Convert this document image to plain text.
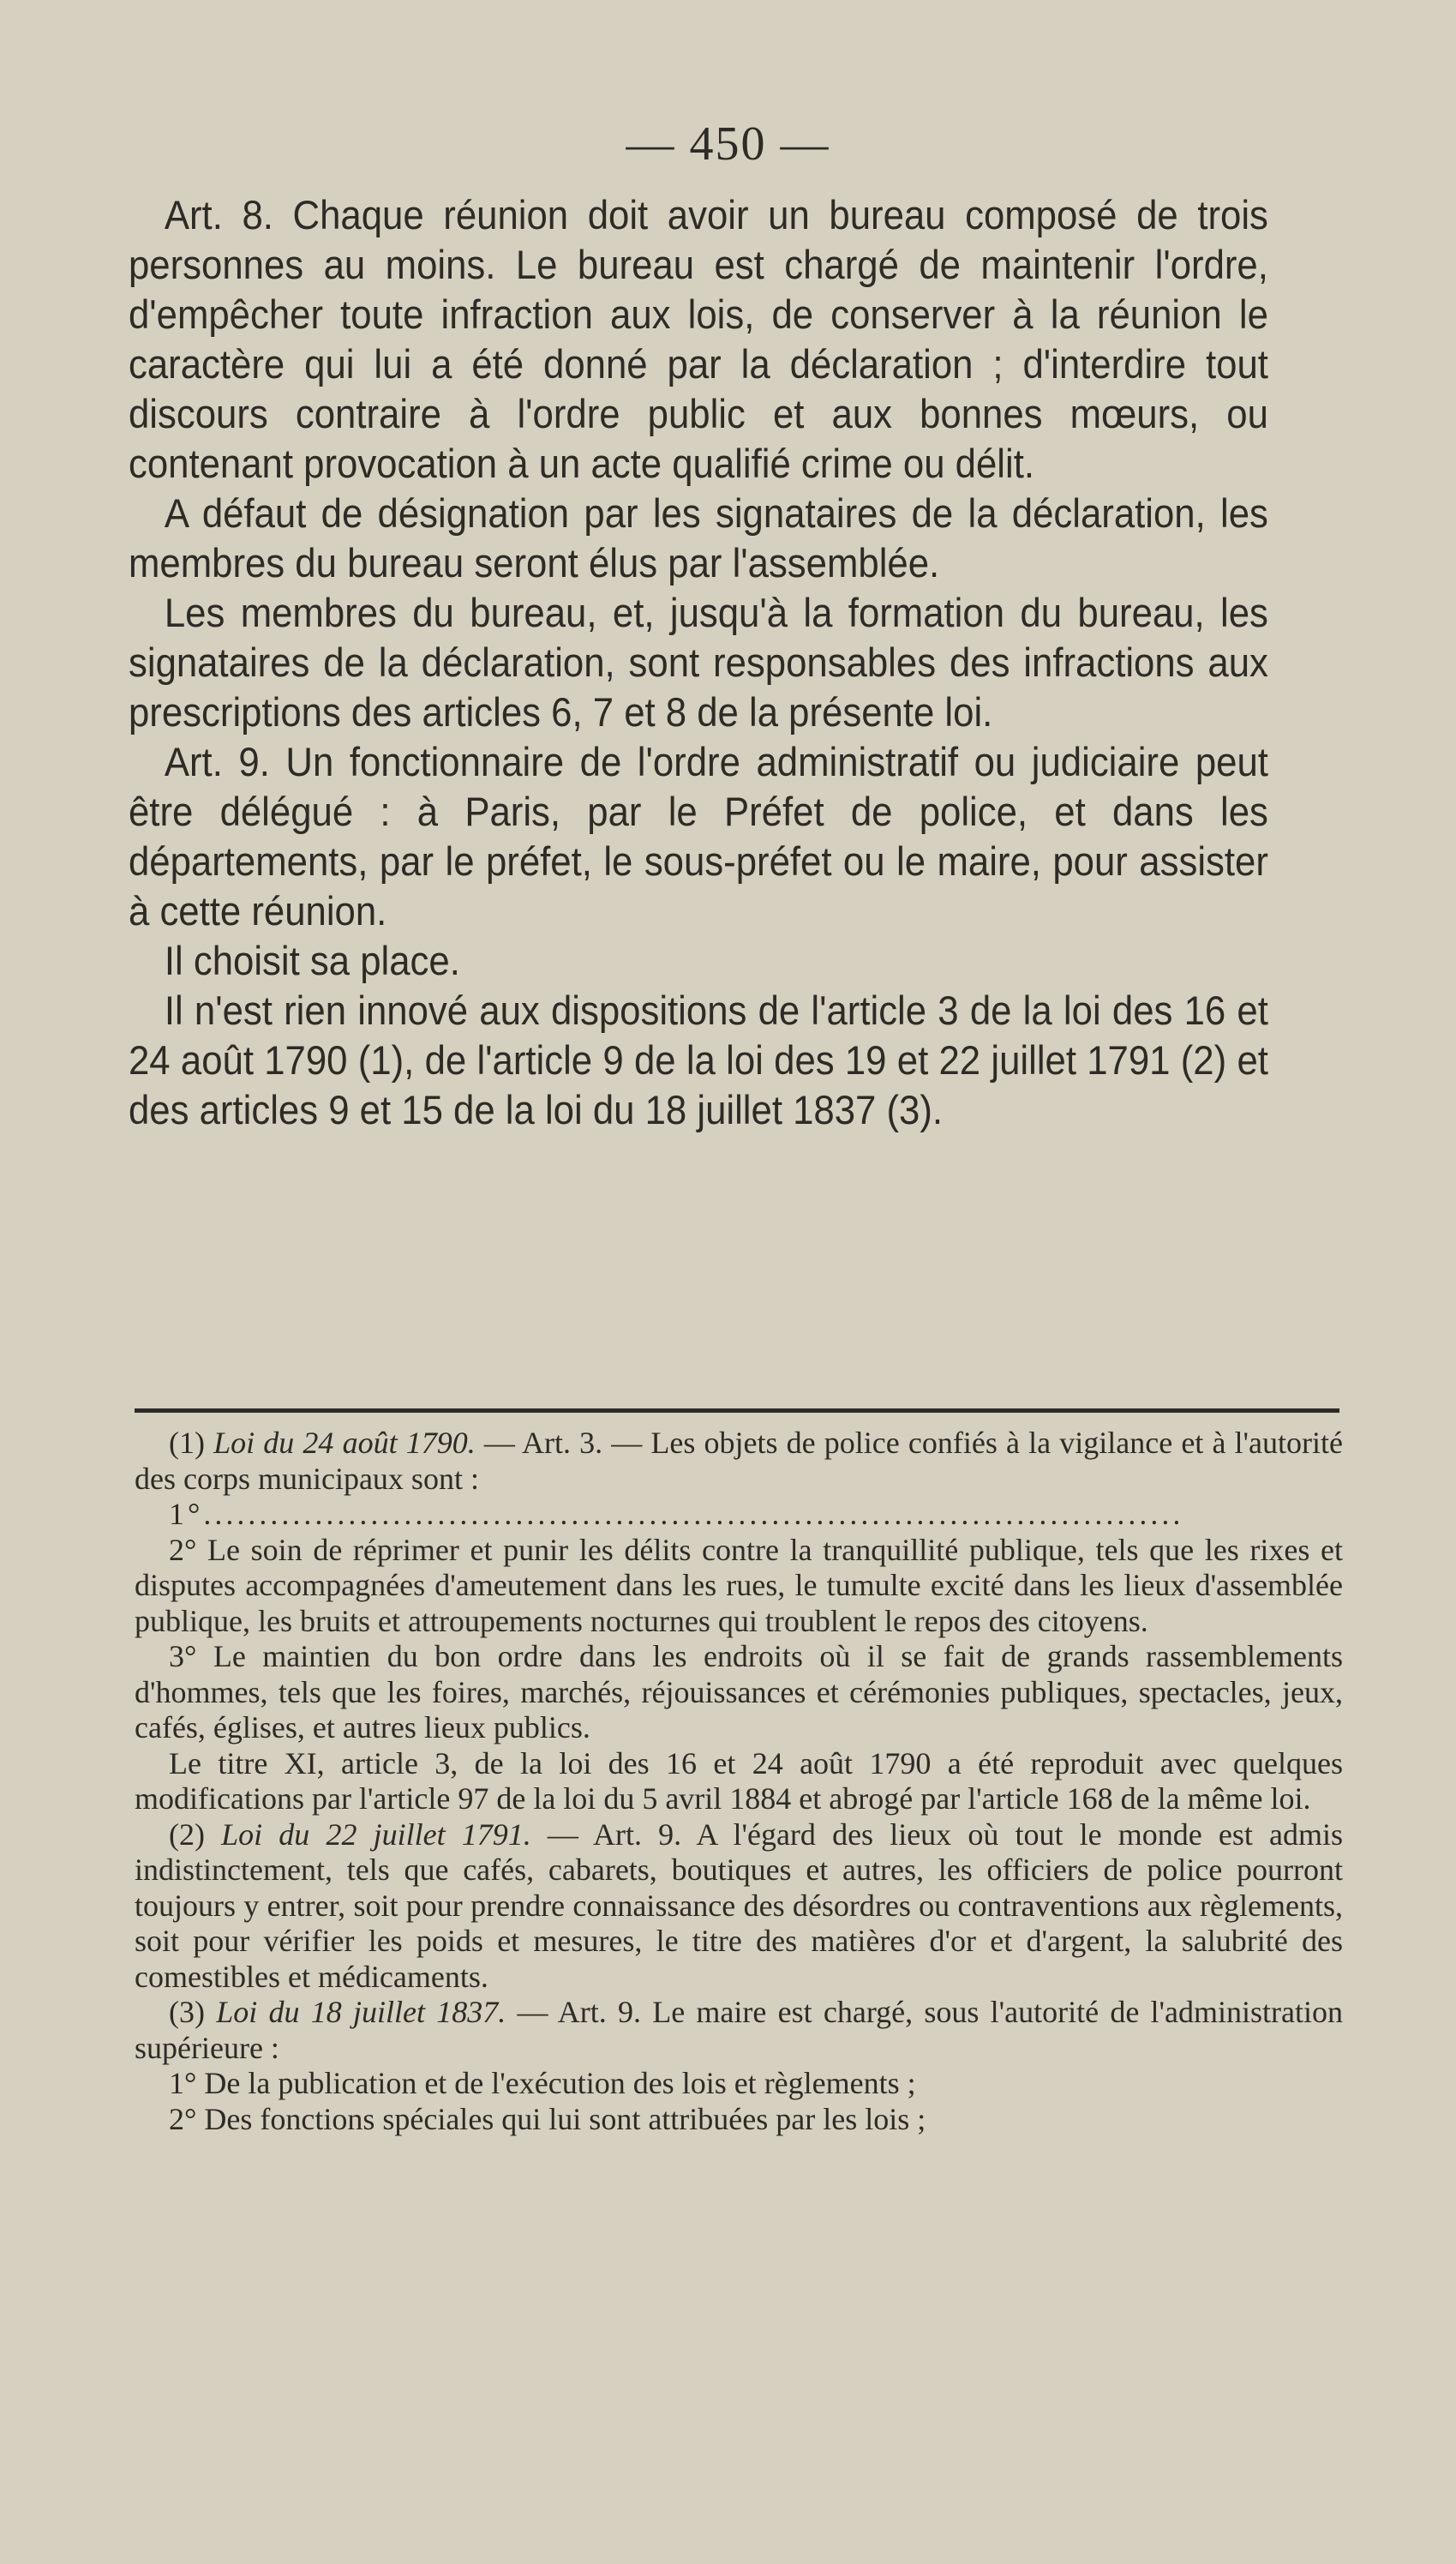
— 450 —

Art. 8. Chaque réunion doit avoir un bureau composé de trois personnes au moins. Le bureau est chargé de maintenir l'ordre, d'empêcher toute infraction aux lois, de conserver à la réunion le caractère qui lui a été donné par la déclaration ; d'interdire tout discours contraire à l'ordre public et aux bonnes mœurs, ou contenant provocation à un acte qualifié crime ou délit.

A défaut de désignation par les signataires de la déclaration, les membres du bureau seront élus par l'assemblée.

Les membres du bureau, et, jusqu'à la formation du bureau, les signataires de la déclaration, sont responsables des infractions aux prescriptions des articles 6, 7 et 8 de la présente loi.

Art. 9. Un fonctionnaire de l'ordre administratif ou judiciaire peut être délégué : à Paris, par le Préfet de police, et dans les départements, par le préfet, le sous-préfet ou le maire, pour assister à cette réunion.

Il choisit sa place.

Il n'est rien innové aux dispositions de l'article 3 de la loi des 16 et 24 août 1790 (1), de l'article 9 de la loi des 19 et 22 juillet 1791 (2) et des articles 9 et 15 de la loi du 18 juillet 1837 (3).

(1) Loi du 24 août 1790. — Art. 3. — Les objets de police confiés à la vigilance et à l'autorité des corps municipaux sont :

1°........................................................................................

2° Le soin de réprimer et punir les délits contre la tranquillité publique, tels que les rixes et disputes accompagnées d'ameutement dans les rues, le tumulte excité dans les lieux d'assemblée publique, les bruits et attroupements nocturnes qui troublent le repos des citoyens.

3° Le maintien du bon ordre dans les endroits où il se fait de grands rassemblements d'hommes, tels que les foires, marchés, réjouissances et cérémonies publiques, spectacles, jeux, cafés, églises, et autres lieux publics.

Le titre XI, article 3, de la loi des 16 et 24 août 1790 a été reproduit avec quelques modifications par l'article 97 de la loi du 5 avril 1884 et abrogé par l'article 168 de la même loi.

(2) Loi du 22 juillet 1791. — Art. 9. A l'égard des lieux où tout le monde est admis indistinctement, tels que cafés, cabarets, boutiques et autres, les officiers de police pourront toujours y entrer, soit pour prendre connaissance des désordres ou contraventions aux règlements, soit pour vérifier les poids et mesures, le titre des matières d'or et d'argent, la salubrité des comestibles et médicaments.

(3) Loi du 18 juillet 1837. — Art. 9. Le maire est chargé, sous l'autorité de l'administration supérieure :

1° De la publication et de l'exécution des lois et règlements ;

2° Des fonctions spéciales qui lui sont attribuées par les lois ;
